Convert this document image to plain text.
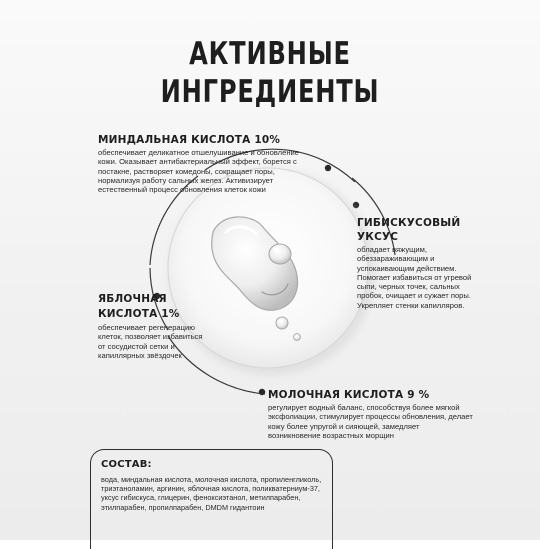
АКТИВНЫЕ
ИНГРЕДИЕНТЫ
МИНДАЛЬНАЯ КИСЛОТА 10%
обеспечивает деликатное отшелушивание и обновление кожи. Оказывает антибактериальный эффект, борется с постакне, растворяет комедоны, сокращает поры, нормализуя работу сальных желез. Активизирует естественный процесс обновления клеток кожи
ГИБИСКУСОВЫЙ
УКСУС
обладает вяжущим, обеззараживающим и успокаивающим действием. Помогает избавиться от угревой сыпи, черных точек, сальных пробок, очищает и сужает поры. Укрепляет стенки капилляров.
ЯБЛОЧНАЯ
КИСЛОТА 1%
обеспечивает регенерацию клеток, позволяет избавиться от сосудистой сетки и капиллярных звёздочек
МОЛОЧНАЯ КИСЛОТА 9 %
регулирует водный баланс, способствуя более мягкой эксфолиации, стимулирует процессы обновления, делает кожу более упругой и сияющей, замедляет возникновение возрастных морщин
СОСТАВ:
вода, миндальная кислота, молочная кислота, пропиленгликоль, триэтаноламин, аргинин, яблочная кислота, поликватерниум-37, уксус гибискуса, глицерин, феноксиэтанол, метилпарабен, этилпарабен, пропилпарабен, DMDM гидантоин
